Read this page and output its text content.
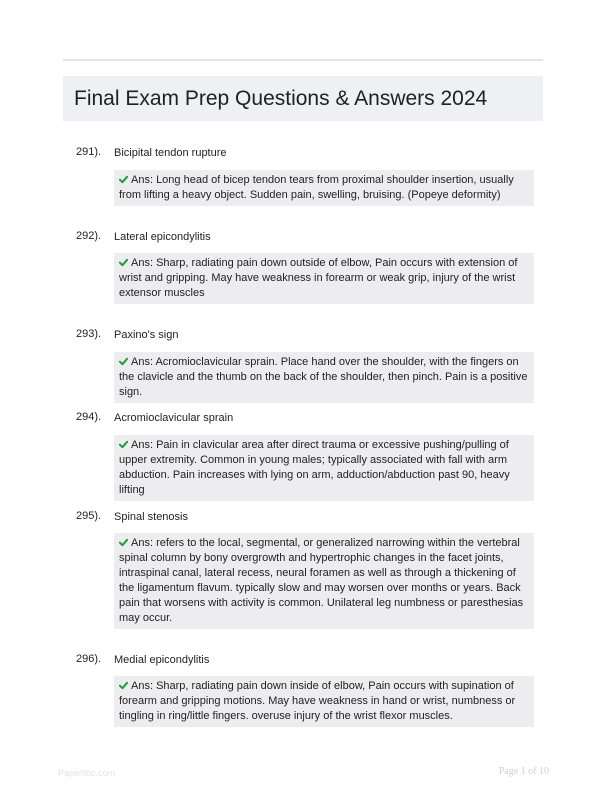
Final Exam Prep Questions & Answers 2024
291). Bicipital tendon rupture
Ans: Long head of bicep tendon tears from proximal shoulder insertion, usually from lifting a heavy object. Sudden pain, swelling, bruising. (Popeye deformity)
292). Lateral epicondylitis
Ans: Sharp, radiating pain down outside of elbow, Pain occurs with extension of wrist and gripping. May have weakness in forearm or weak grip, injury of the wrist extensor muscles
293). Paxino's sign
Ans: Acromioclavicular sprain. Place hand over the shoulder, with the fingers on the clavicle and the thumb on the back of the shoulder, then pinch. Pain is a positive sign.
294). Acromioclavicular sprain
Ans: Pain in clavicular area after direct trauma or excessive pushing/pulling of upper extremity. Common in young males; typically associated with fall with arm abduction. Pain increases with lying on arm, adduction/abduction past 90, heavy lifting
295). Spinal stenosis
Ans: refers to the local, segmental, or generalized narrowing within the vertebral spinal column by bony overgrowth and hypertrophic changes in the facet joints, intraspinal canal, lateral recess, neural foramen as well as through a thickening of the ligamentum flavum. typically slow and may worsen over months or years. Back pain that worsens with activity is common. Unilateral leg numbness or paresthesias may occur.
296). Medial epicondylitis
Ans: Sharp, radiating pain down inside of elbow, Pain occurs with supination of forearm and gripping motions. May have weakness in hand or wrist, numbness or tingling in ring/little fingers. overuse injury of the wrist flexor muscles.
Paperlibc.com	Page 1 of 10
